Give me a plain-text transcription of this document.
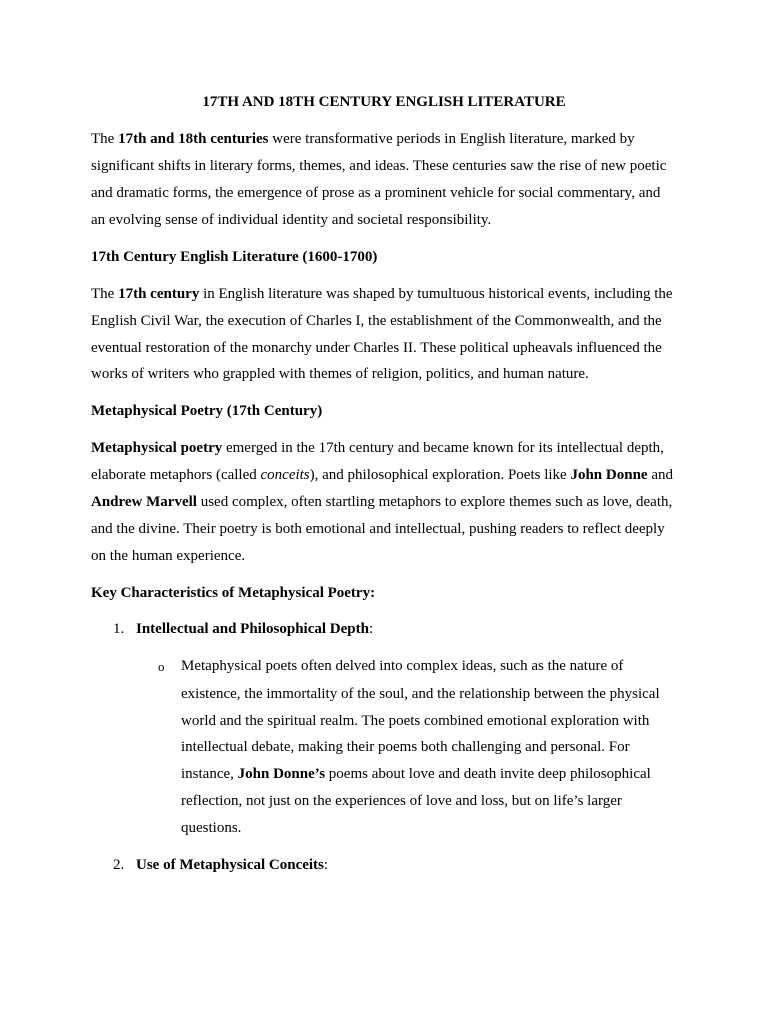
17TH AND 18TH CENTURY ENGLISH LITERATURE

The 17th and 18th centuries were transformative periods in English literature, marked by

significant shifts in literary forms, themes, and ideas. These centuries saw the rise of new poetic

and dramatic forms, the emergence of prose as a prominent vehicle for social commentary, and

an evolving sense of individual identity and societal responsibility.

17th Century English Literature (1600-1700)

The 17th century in English literature was shaped by tumultuous historical events, including the

English Civil War, the execution of Charles I, the establishment of the Commonwealth, and the

eventual restoration of the monarchy under Charles II. These political upheavals influenced the

works of writers who grappled with themes of religion, politics, and human nature.

Metaphysical Poetry (17th Century)

Metaphysical poetry emerged in the 17th century and became known for its intellectual depth,

elaborate metaphors (called conceits), and philosophical exploration. Poets like John Donne and

Andrew Marvell used complex, often startling metaphors to explore themes such as love, death,

and the divine. Their poetry is both emotional and intellectual, pushing readers to reflect deeply

on the human experience.

Key Characteristics of Metaphysical Poetry:

1. Intellectual and Philosophical Depth:
o Metaphysical poets often delved into complex ideas, such as the nature of
existence, the immortality of the soul, and the relationship between the physical
world and the spiritual realm. The poets combined emotional exploration with
intellectual debate, making their poems both challenging and personal. For
instance, John Donne’s poems about love and death invite deep philosophical
reflection, not just on the experiences of love and loss, but on life’s larger
questions.
2. Use of Metaphysical Conceits:
